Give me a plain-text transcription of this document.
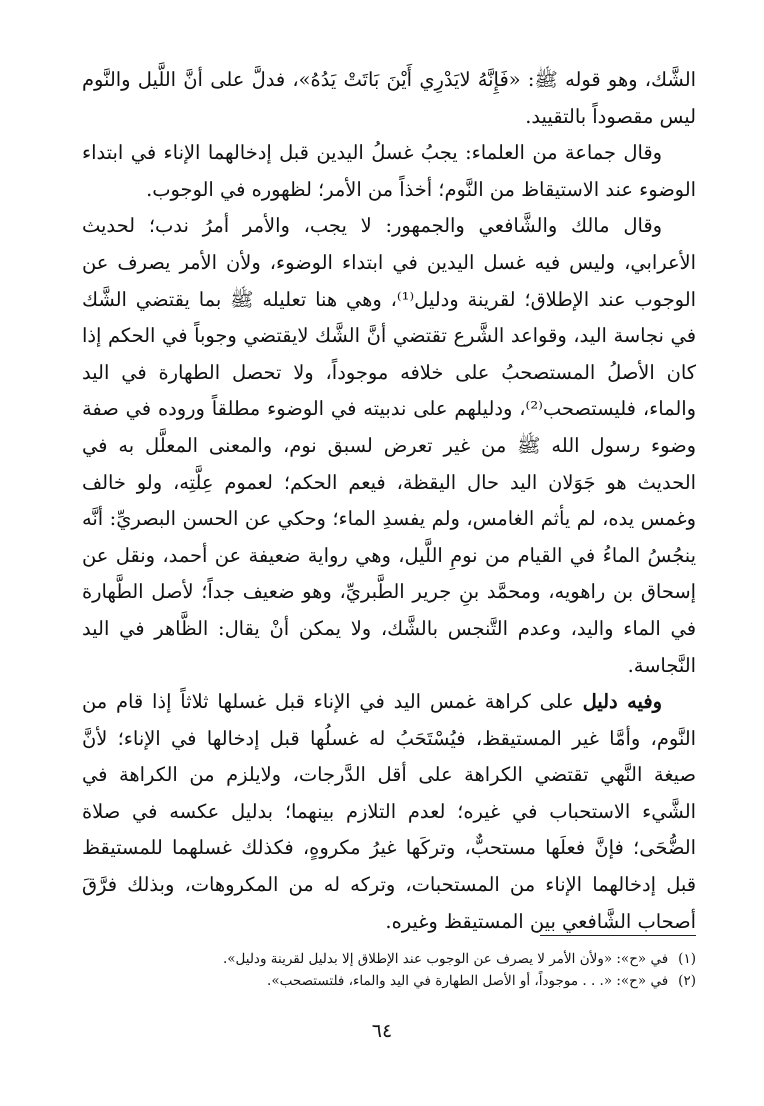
الشَّك، وهو قوله ﷺ: «فَإِنَّهُ لايَدْرِي أَيْنَ بَاتَتْ يَدُهُ»، فدلَّ على أنَّ اللَّيل والنَّوم ليس مقصوداً بالتقييد.

وقال جماعة من العلماء: يجبُ غسلُ اليدين قبل إدخالهما الإناء في ابتداء الوضوء عند الاستيقاظ من النَّوم؛ أخذاً من الأمر؛ لظهوره في الوجوب.

وقال مالك والشَّافعي والجمهور: لا يجب، والأمر أمرُ ندب؛ لحديث الأعرابي، وليس فيه غسل اليدين في ابتداء الوضوء، ولأن الأمر يصرف عن الوجوب عند الإطلاق؛ لقرينة ودليل⁽¹⁾، وهي هنا تعليله ﷺ بما يقتضي الشَّك في نجاسة اليد، وقواعد الشَّرع تقتضي أنَّ الشَّك لايقتضي وجوباً في الحكم إذا كان الأصلُ المستصحبُ على خلافه موجوداً، ولا تحصل الطهارة في اليد والماء، فليستصحب⁽²⁾، ودليلهم على ندبيته في الوضوء مطلقاً وروده في صفة وضوء رسول الله ﷺ من غير تعرض لسبق نوم، والمعنى المعلَّل به في الحديث هو جَوَلان اليد حال اليقظة، فيعم الحكم؛ لعموم عِلَّتِه، ولو خالف وغمس يده، لم يأثم الغامس، ولم يفسدِ الماء؛ وحكي عن الحسن البصريِّ: أنَّه ينجُسُ الماءُ في القيام من نومِ اللَّيل، وهي رواية ضعيفة عن أحمد، ونقل عن إسحاق بن راهويه، ومحمَّد بنِ جرير الطَّبريِّ، وهو ضعيف جداً؛ لأصل الطَّهارة في الماء واليد، وعدم التَّنجس بالشَّك، ولا يمكن أنْ يقال: الظَّاهر في اليد النَّجاسة.

وفيه دليل على كراهة غمس اليد في الإناء قبل غسلها ثلاثاً إذا قام من النَّوم، وأمَّا غير المستيقظ، فيُسْتَحَبُ له غسلُها قبل إدخالها في الإناء؛ لأنَّ صيغة النَّهي تقتضي الكراهة على أقل الدَّرجات، ولايلزم من الكراهة في الشَّيء الاستحباب في غيره؛ لعدم التلازم بينهما؛ بدليل عكسه في صلاة الضُّحَى؛ فإنَّ فعلَها مستحبٌّ، وتركَها غيرُ مكروهٍ، فكذلك غسلهما للمستيقظ قبل إدخالهما الإناء من المستحبات، وتركه له من المكروهات، وبذلك فرَّقَ أصحاب الشَّافعي بين المستيقظ وغيره.

(١)
في «ح»: «ولأن الأمر لا يصرف عن الوجوب عند الإطلاق إلا بدليل لقرينة ودليل».
(٢)
في «ح»: «. . . موجوداً، أو الأصل الطهارة في اليد والماء، فلتستصحب».
٦٤
